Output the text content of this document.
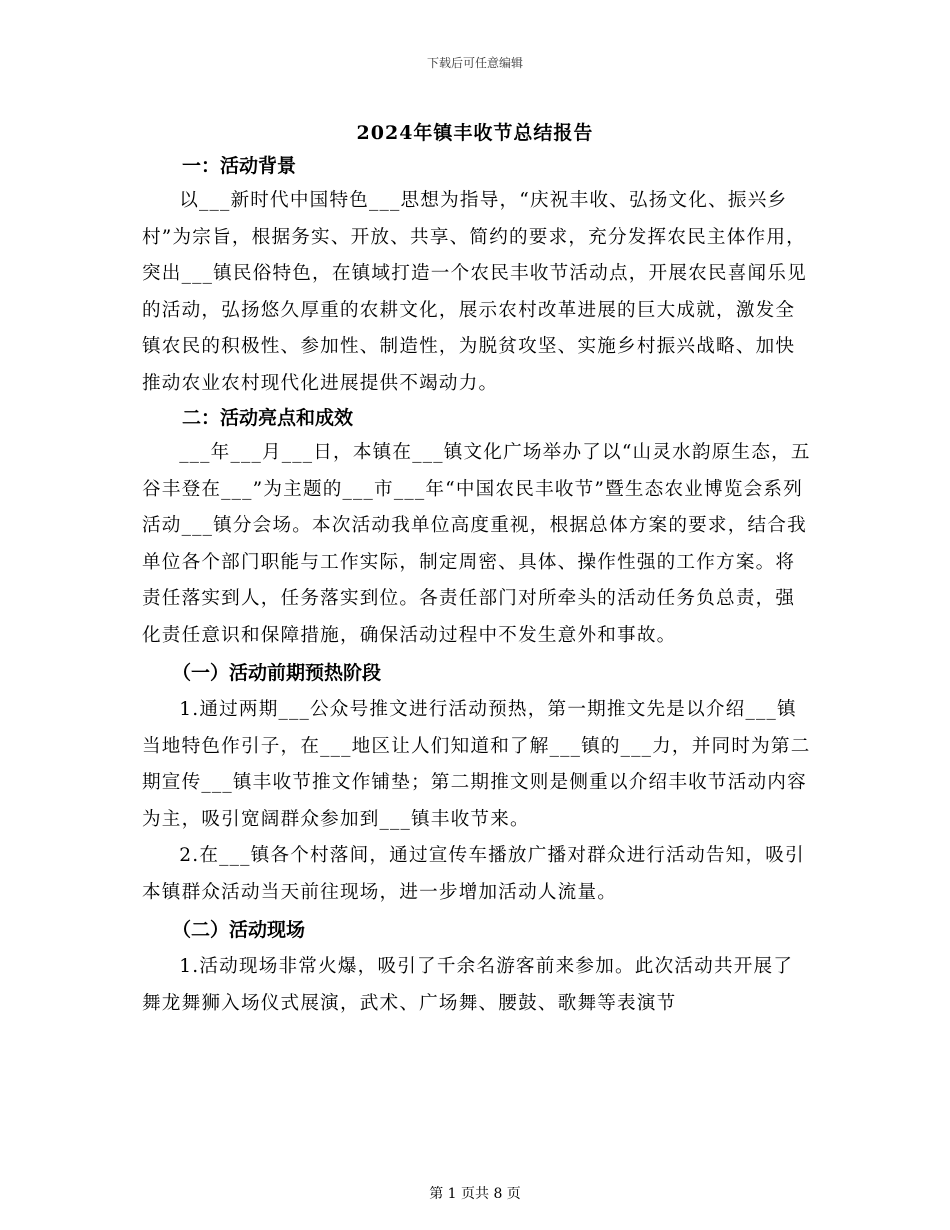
下载后可任意编辑
2024年镇丰收节总结报告
一：活动背景

以___新时代中国特色___思想为指导，“庆祝丰收、弘扬文化、振兴乡村”为宗旨，根据务实、开放、共享、简约的要求，充分发挥农民主体作用，突出___镇民俗特色，在镇域打造一个农民丰收节活动点，开展农民喜闻乐见的活动，弘扬悠久厚重的农耕文化，展示农村改革进展的巨大成就，激发全镇农民的积极性、参加性、制造性，为脱贫攻坚、实施乡村振兴战略、加快推动农业农村现代化进展提供不竭动力。

二：活动亮点和成效

___年___月___日，本镇在___镇文化广场举办了以“山灵水韵原生态，五谷丰登在___”为主题的___市___年“中国农民丰收节”暨生态农业博览会系列活动___镇分会场。本次活动我单位高度重视，根据总体方案的要求，结合我单位各个部门职能与工作实际，制定周密、具体、操作性强的工作方案。将责任落实到人，任务落实到位。各责任部门对所牵头的活动任务负总责，强化责任意识和保障措施，确保活动过程中不发生意外和事故。

（一）活动前期预热阶段

1.通过两期___公众号推文进行活动预热，第一期推文先是以介绍___镇当地特色作引子，在___地区让人们知道和了解___镇的___力，并同时为第二期宣传___镇丰收节推文作铺垫；第二期推文则是侧重以介绍丰收节活动内容为主，吸引宽阔群众参加到___镇丰收节来。

2.在___镇各个村落间，通过宣传车播放广播对群众进行活动告知，吸引本镇群众活动当天前往现场，进一步增加活动人流量。

（二）活动现场

1.活动现场非常火爆，吸引了千余名游客前来参加。此次活动共开展了舞龙舞狮入场仪式展演，武术、广场舞、腰鼓、歌舞等表演节

第 1 页共 8 页
